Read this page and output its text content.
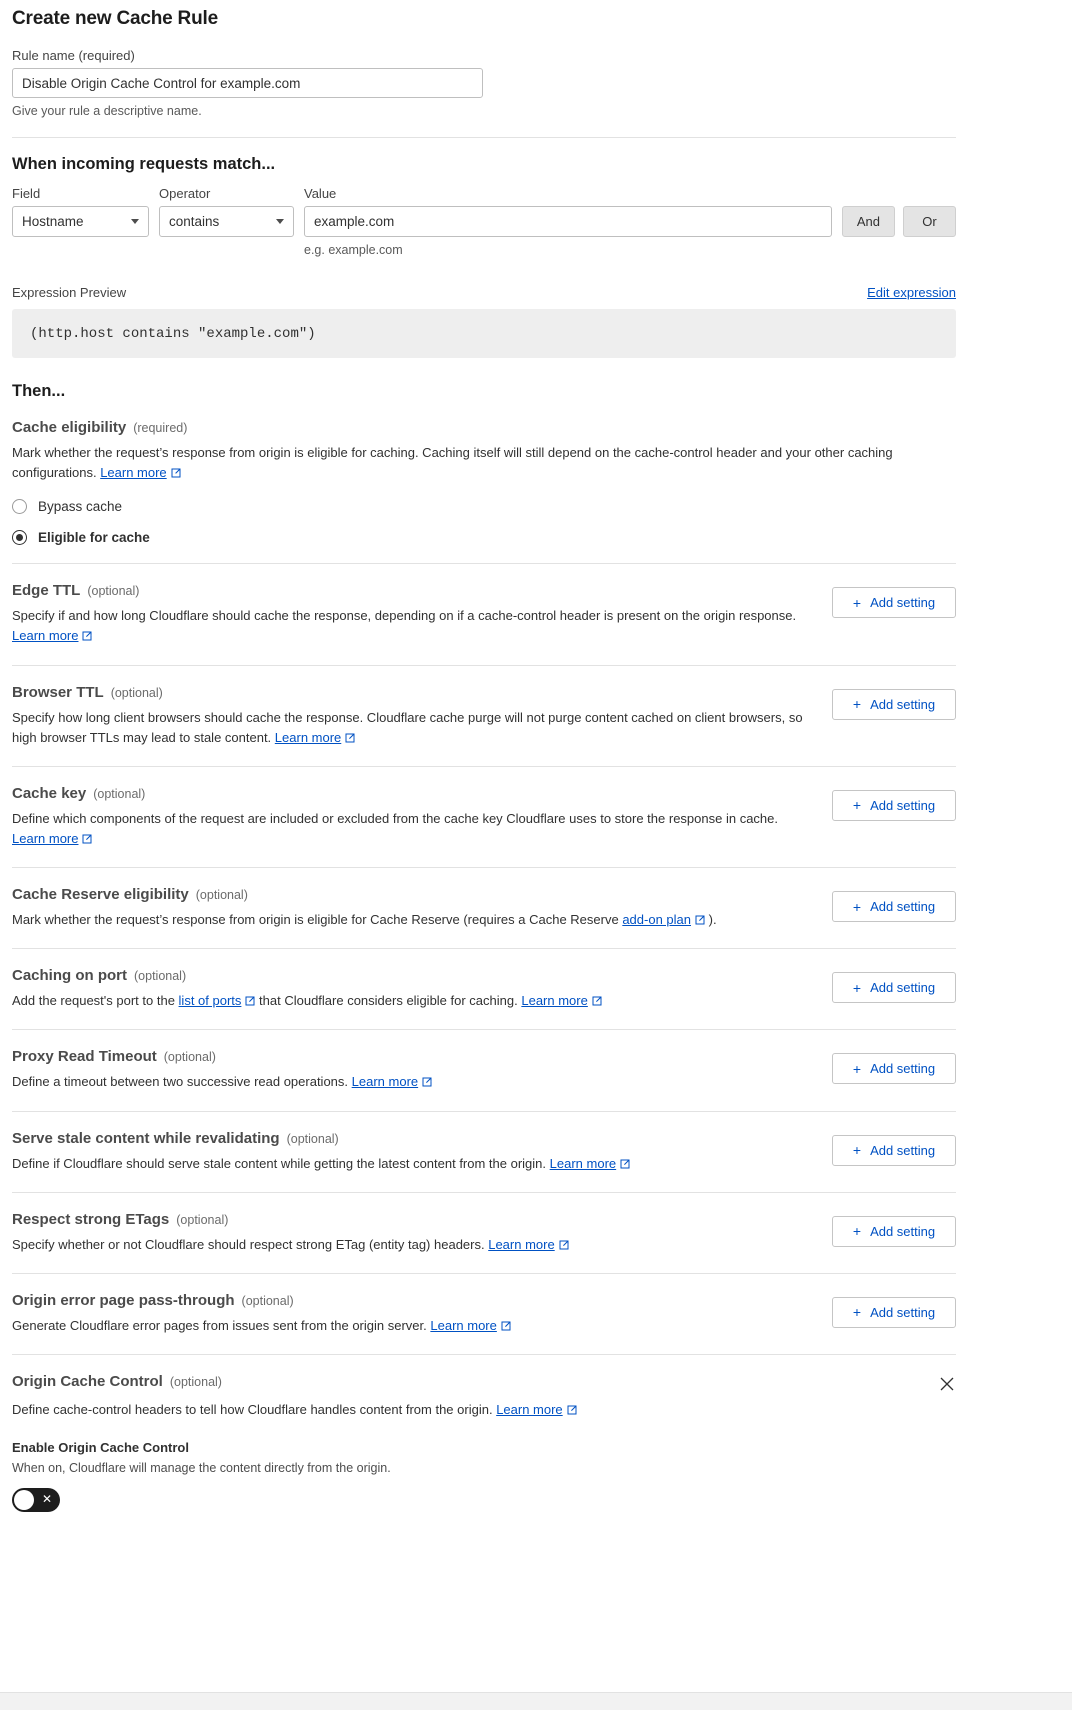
Create new Cache Rule
Rule name (required)
Disable Origin Cache Control for example.com
Give your rule a descriptive name.
When incoming requests match...
Field
Hostname
Operator
contains
Value
example.com
e.g. example.com
And	Or
Expression Preview	Edit expression
(http.host contains "example.com")
Then...
Cache eligibility (required)
Mark whether the request’s response from origin is eligible for caching. Caching itself will still depend on the cache-control header and your other caching configurations. Learn more
Bypass cache
Eligible for cache
Edge TTL (optional)
Specify if and how long Cloudflare should cache the response, depending on if a cache-control header is present on the origin response. Learn more
+ Add setting
Browser TTL (optional)
Specify how long client browsers should cache the response. Cloudflare cache purge will not purge content cached on client browsers, so high browser TTLs may lead to stale content. Learn more
+ Add setting
Cache key (optional)
Define which components of the request are included or excluded from the cache key Cloudflare uses to store the response in cache. Learn more
+ Add setting
Cache Reserve eligibility (optional)
Mark whether the request’s response from origin is eligible for Cache Reserve (requires a Cache Reserve add-on plan ).
+ Add setting
Caching on port (optional)
Add the request's port to the list of ports that Cloudflare considers eligible for caching. Learn more
+ Add setting
Proxy Read Timeout (optional)
Define a timeout between two successive read operations. Learn more
+ Add setting
Serve stale content while revalidating (optional)
Define if Cloudflare should serve stale content while getting the latest content from the origin. Learn more
+ Add setting
Respect strong ETags (optional)
Specify whether or not Cloudflare should respect strong ETag (entity tag) headers. Learn more
+ Add setting
Origin error page pass-through (optional)
Generate Cloudflare error pages from issues sent from the origin server. Learn more
+ Add setting
Origin Cache Control (optional)
Define cache-control headers to tell how Cloudflare handles content from the origin. Learn more
Enable Origin Cache Control
When on, Cloudflare will manage the content directly from the origin.
✕
